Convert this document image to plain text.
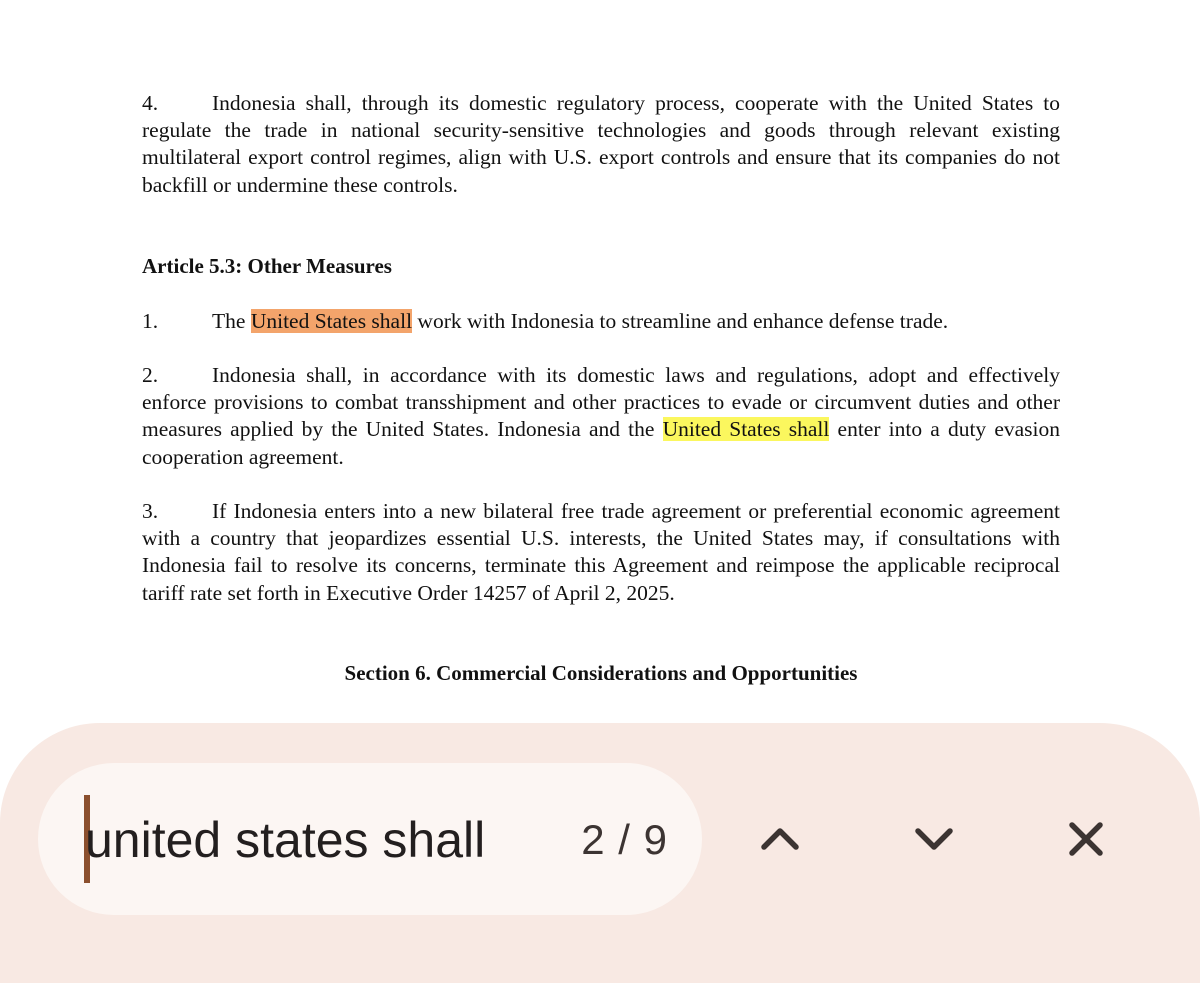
4.	Indonesia shall, through its domestic regulatory process, cooperate with the United States to regulate the trade in national security-sensitive technologies and goods through relevant existing multilateral export control regimes, align with U.S. export controls and ensure that its companies do not backfill or undermine these controls.
Article 5.3: Other Measures
1.	The United States shall work with Indonesia to streamline and enhance defense trade.
2.	Indonesia shall, in accordance with its domestic laws and regulations, adopt and effectively enforce provisions to combat transshipment and other practices to evade or circumvent duties and other measures applied by the United States. Indonesia and the United States shall enter into a duty evasion cooperation agreement.
3.	If Indonesia enters into a new bilateral free trade agreement or preferential economic agreement with a country that jeopardizes essential U.S. interests, the United States may, if consultations with Indonesia fail to resolve its concerns, terminate this Agreement and reimpose the applicable reciprocal tariff rate set forth in Executive Order 14257 of April 2, 2025.
Section 6. Commercial Considerations and Opportunities
united states shall 2 / 9
